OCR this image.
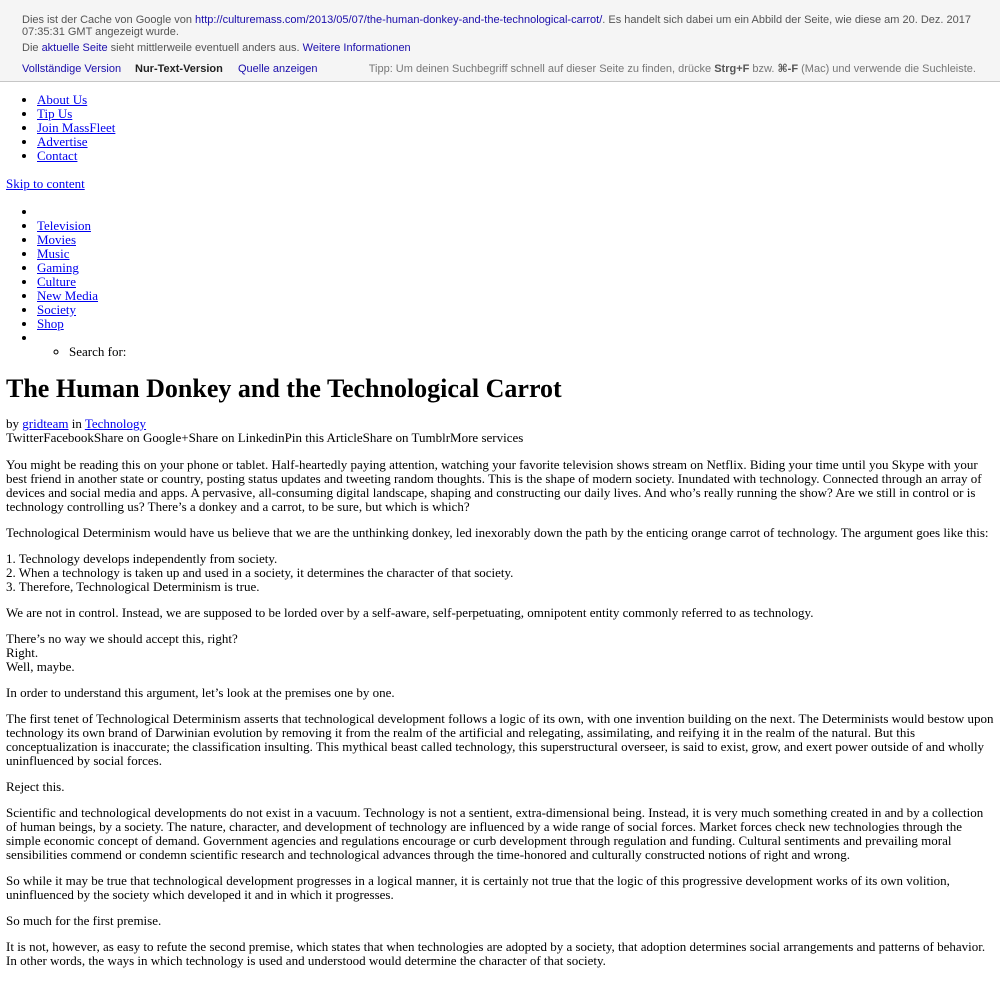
Dies ist der Cache von Google von http://culturemass.com/2013/05/07/the-human-donkey-and-the-technological-carrot/. Es handelt sich dabei um ein Abbild der Seite, wie diese am 20. Dez. 2017 07:35:31 GMT angezeigt wurde.
Die aktuelle Seite sieht mittlerweile eventuell anders aus. Weitere Informationen
Vollständige Version Nur-Text-Version Quelle anzeigen	Tipp: Um deinen Suchbegriff schnell auf dieser Seite zu finden, drücke Strg+F bzw. ⌘-F (Mac) und verwende die Suchleiste.
• About Us
• Tip Us
• Join MassFleet
• Advertise
• Contact
Skip to content
•
• Television
• Movies
• Music
• Gaming
• Culture
• New Media
• Society
• Shop

◦ • Search for:
The Human Donkey and the Technological Carrot
by gridteam in Technology
TwitterFacebookShare on Google+Share on LinkedinPin this ArticleShare on TumblrMore services

You might be reading this on your phone or tablet. Half-heartedly paying attention, watching your favorite television shows stream on Netflix. Biding your time until you Skype with your best friend in another state or country, posting status updates and tweeting random thoughts. This is the shape of modern society. Inundated with technology. Connected through an array of devices and social media and apps. A pervasive, all-consuming digital landscape, shaping and constructing our daily lives. And who’s really running the show? Are we still in control or is technology controlling us? There’s a donkey and a carrot, to be sure, but which is which?

Technological Determinism would have us believe that we are the unthinking donkey, led inexorably down the path by the enticing orange carrot of technology. The argument goes like this:

1. Technology develops independently from society.
2. When a technology is taken up and used in a society, it determines the character of that society.
3. Therefore, Technological Determinism is true.

We are not in control. Instead, we are supposed to be lorded over by a self-aware, self-perpetuating, omnipotent entity commonly referred to as technology.

There’s no way we should accept this, right?
Right.
Well, maybe.

In order to understand this argument, let’s look at the premises one by one.

The first tenet of Technological Determinism asserts that technological development follows a logic of its own, with one invention building on the next. The Determinists would bestow upon technology its own brand of Darwinian evolution by removing it from the realm of the artificial and relegating, assimilating, and reifying it in the realm of the natural. But this conceptualization is inaccurate; the classification insulting. This mythical beast called technology, this superstructural overseer, is said to exist, grow, and exert power outside of and wholly uninfluenced by social forces.

Reject this.

Scientific and technological developments do not exist in a vacuum. Technology is not a sentient, extra-dimensional being. Instead, it is very much something created in and by a collection of human beings, by a society. The nature, character, and development of technology are influenced by a wide range of social forces. Market forces check new technologies through the simple economic concept of demand. Government agencies and regulations encourage or curb development through regulation and funding. Cultural sentiments and prevailing moral sensibilities commend or condemn scientific research and technological advances through the time-honored and culturally constructed notions of right and wrong.

So while it may be true that technological development progresses in a logical manner, it is certainly not true that the logic of this progressive development works of its own volition, uninfluenced by the society which developed it and in which it progresses.

So much for the first premise.

It is not, however, as easy to refute the second premise, which states that when technologies are adopted by a society, that adoption determines social arrangements and patterns of behavior. In other words, the ways in which technology is used and understood would determine the character of that society.
